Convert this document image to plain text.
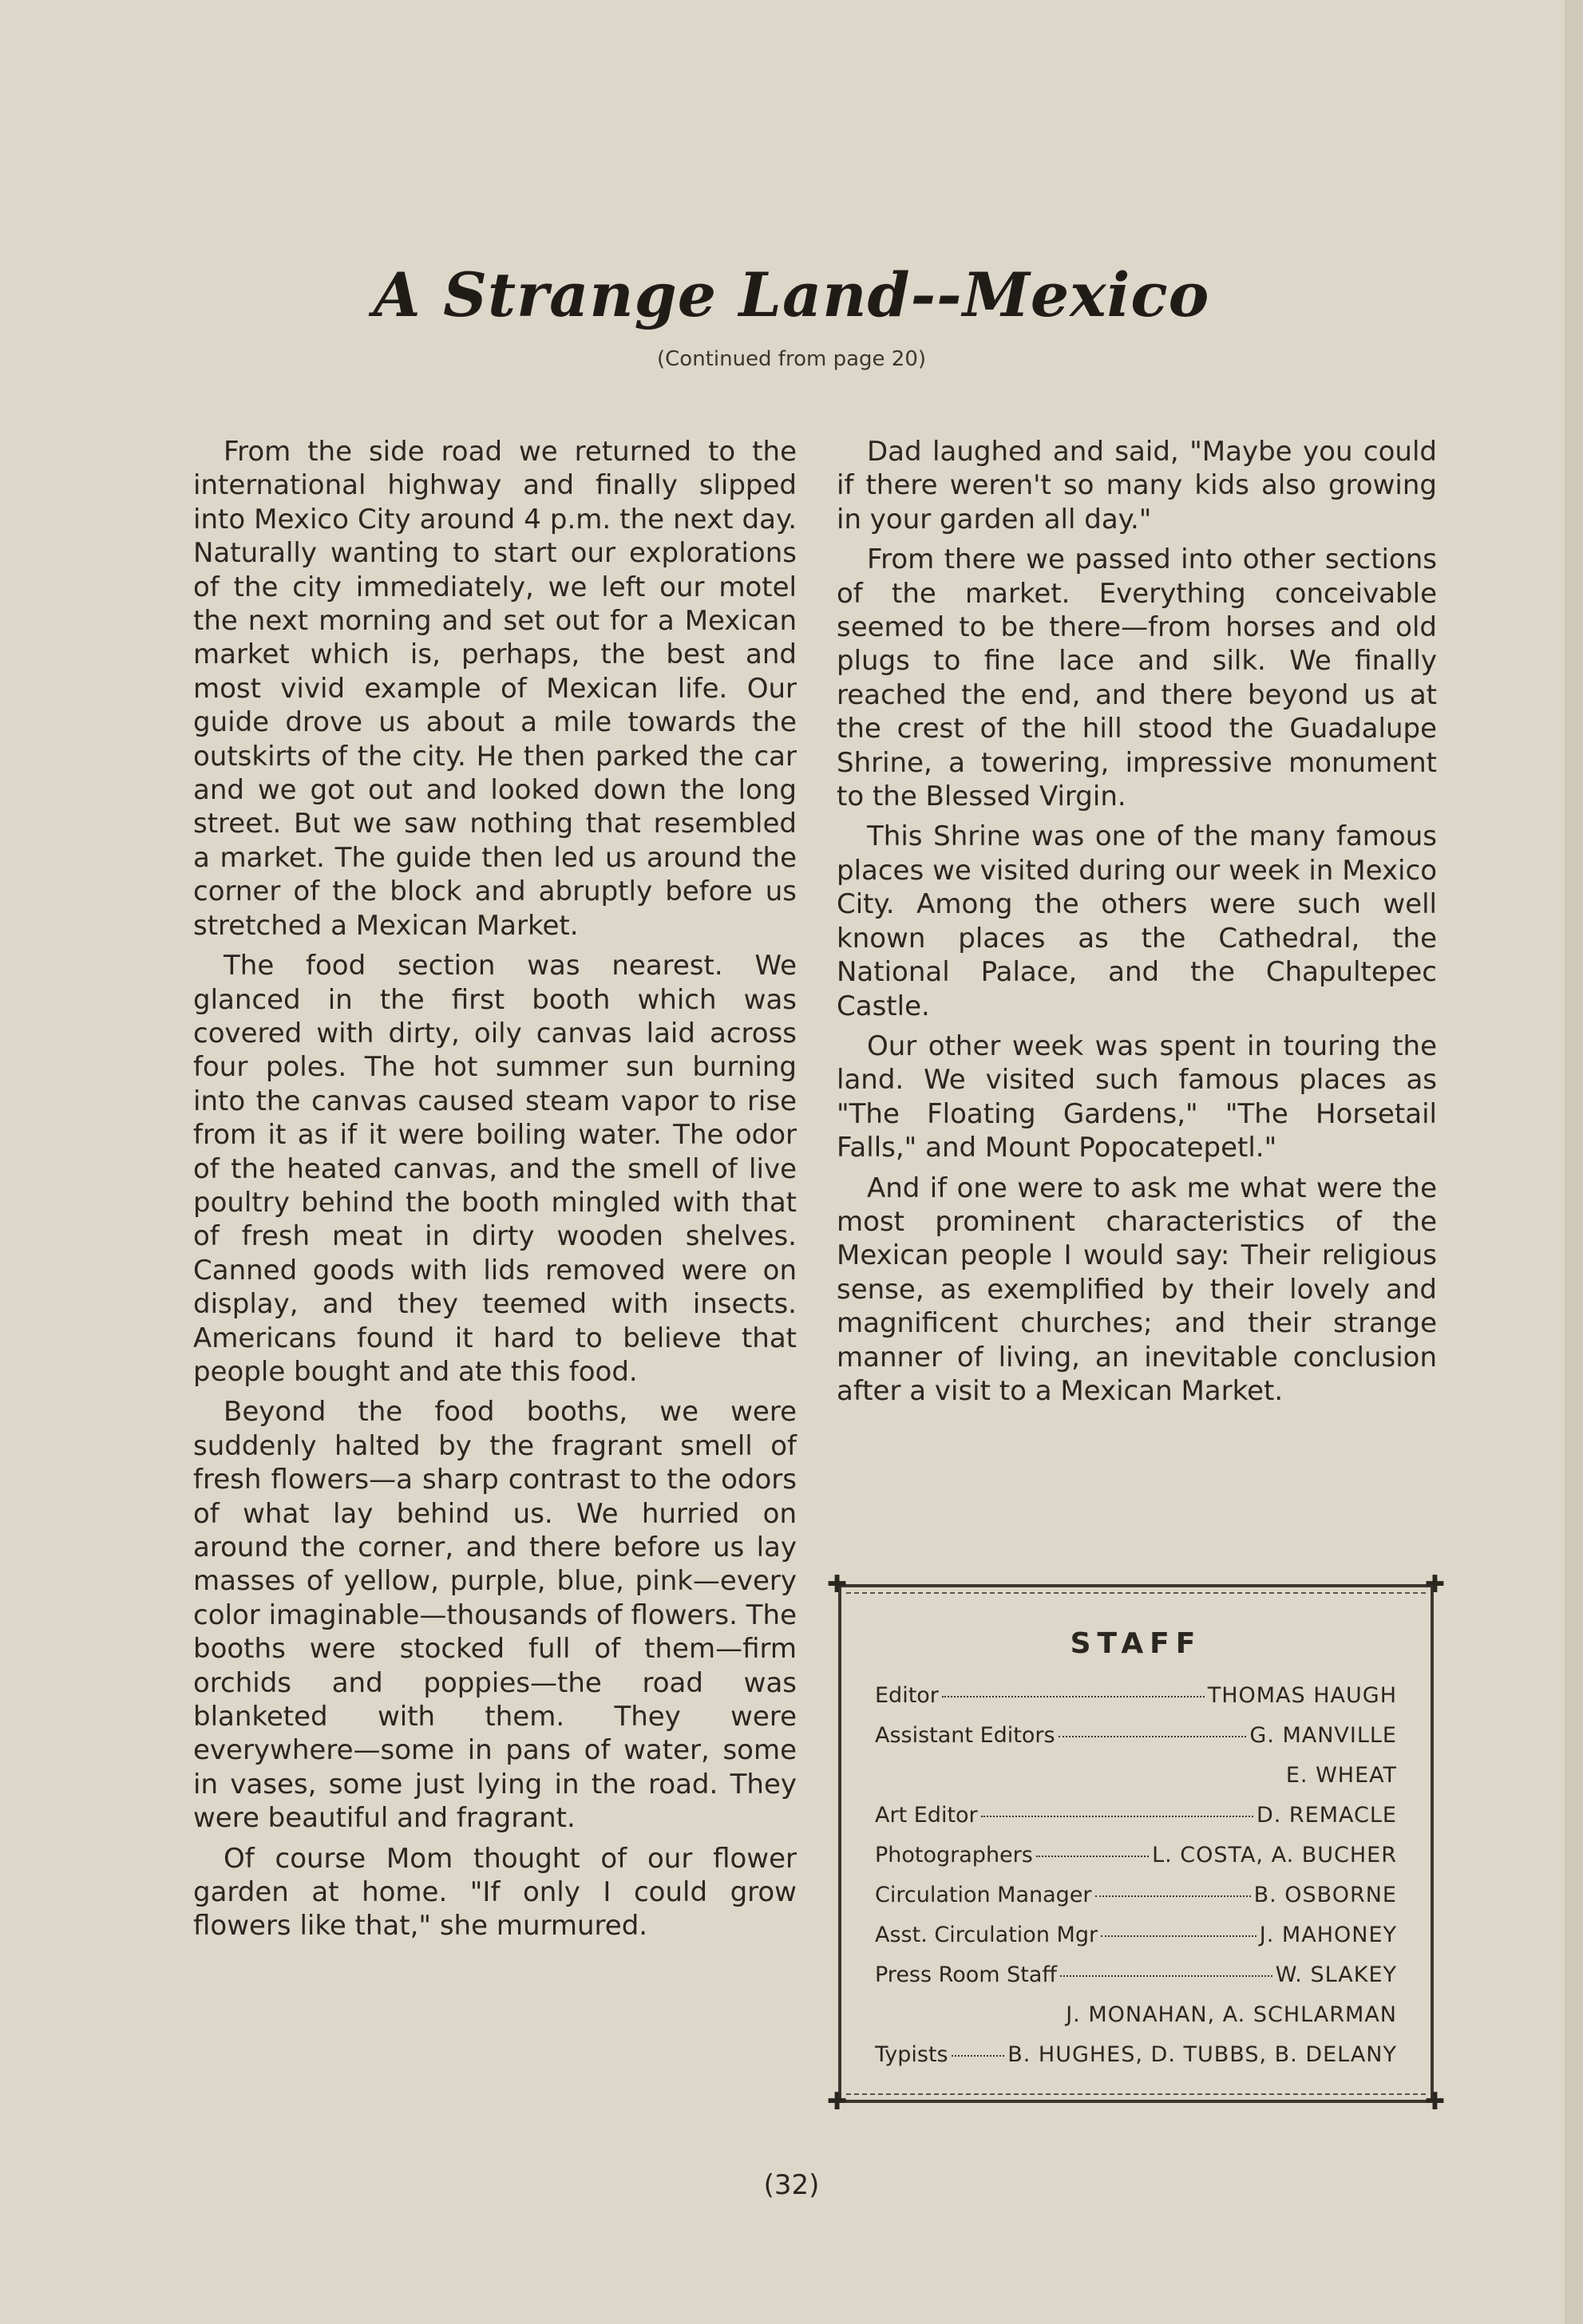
A Strange Land--Mexico
(Continued from page 20)

From the side road we returned to the international highway and finally slipped into Mexico City around 4 p.m. the next day. Naturally wanting to start our explorations of the city immediately, we left our motel the next morning and set out for a Mexican market which is, perhaps, the best and most vivid example of Mexican life. Our guide drove us about a mile towards the outskirts of the city. He then parked the car and we got out and looked down the long street. But we saw nothing that resembled a market. The guide then led us around the corner of the block and abruptly before us stretched a Mexican Market.

The food section was nearest. We glanced in the first booth which was covered with dirty, oily canvas laid across four poles. The hot summer sun burning into the canvas caused steam vapor to rise from it as if it were boiling water. The odor of the heated canvas, and the smell of live poultry behind the booth mingled with that of fresh meat in dirty wooden shelves. Canned goods with lids removed were on display, and they teemed with insects. Americans found it hard to believe that people bought and ate this food.

Beyond the food booths, we were suddenly halted by the fragrant smell of fresh flowers—a sharp contrast to the odors of what lay behind us. We hurried on around the corner, and there before us lay masses of yellow, purple, blue, pink—every color imaginable—thousands of flowers. The booths were stocked full of them—firm orchids and poppies—the road was blanketed with them. They were everywhere—some in pans of water, some in vases, some just lying in the road. They were beautiful and fragrant.

Of course Mom thought of our flower garden at home. "If only I could grow flowers like that," she murmured.

Dad laughed and said, "Maybe you could if there weren't so many kids also growing in your garden all day."

From there we passed into other sections of the market. Everything conceivable seemed to be there—from horses and old plugs to fine lace and silk. We finally reached the end, and there beyond us at the crest of the hill stood the Guadalupe Shrine, a towering, impressive monument to the Blessed Virgin.

This Shrine was one of the many famous places we visited during our week in Mexico City. Among the others were such well known places as the Cathedral, the National Palace, and the Chapultepec Castle.

Our other week was spent in touring the land. We visited such famous places as "The Floating Gardens," "The Horsetail Falls," and Mount Popocatepetl."

And if one were to ask me what were the most prominent characteristics of the Mexican people I would say: Their religious sense, as exemplified by their lovely and magnificent churches; and their strange manner of living, an inevitable conclusion after a visit to a Mexican Market.

✚	✚
✚	✚
STAFF
Editor	THOMAS HAUGH
Assistant Editors	G. MANVILLE
E. WHEAT
Art Editor	D. REMACLE
Photographers	L. COSTA, A. BUCHER
Circulation Manager	B. OSBORNE
Asst. Circulation Mgr	J. MAHONEY
Press Room Staff	W. SLAKEY
J. MONAHAN, A. SCHLARMAN
Typists	B. HUGHES, D. TUBBS, B. DELANY
(32)
